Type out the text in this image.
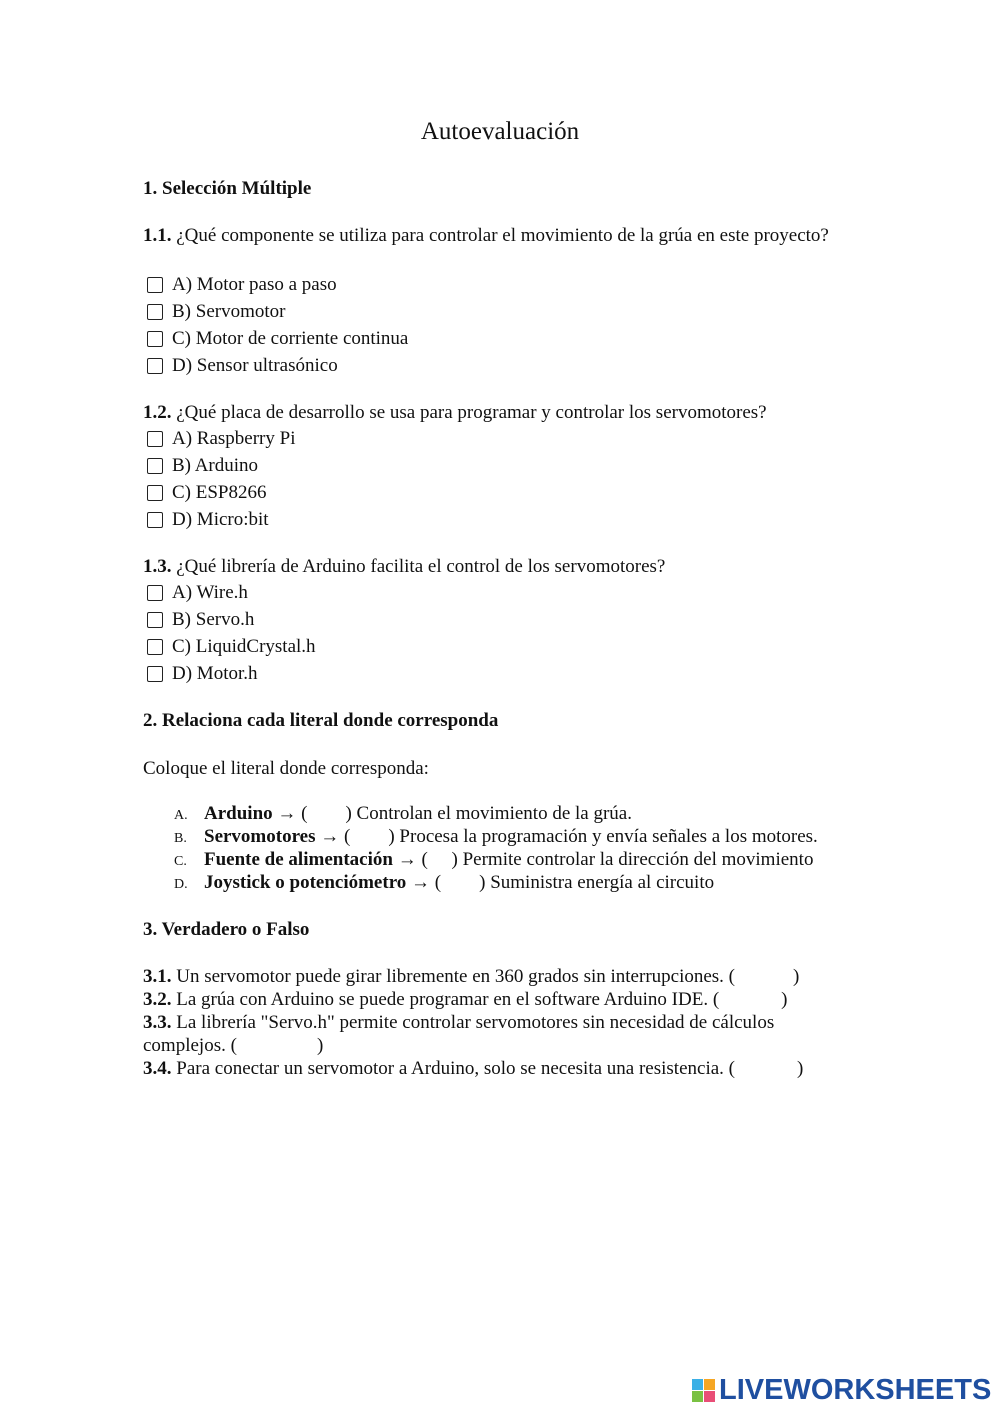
Autoevaluación
1. Selección Múltiple
1.1. ¿Qué componente se utiliza para controlar el movimiento de la grúa en este proyecto?
A) Motor paso a paso
B) Servomotor
C) Motor de corriente continua
D) Sensor ultrasónico
1.2. ¿Qué placa de desarrollo se usa para programar y controlar los servomotores?
A) Raspberry Pi
B) Arduino
C) ESP8266
D) Micro:bit
1.3. ¿Qué librería de Arduino facilita el control de los servomotores?
A) Wire.h
B) Servo.h
C) LiquidCrystal.h
D) Motor.h
2. Relaciona cada literal donde corresponda
Coloque el literal donde corresponda:
A. Arduino → ( ) Controlan el movimiento de la grúa.
B. Servomotores → ( ) Procesa la programación y envía señales a los motores.
C. Fuente de alimentación → ( ) Permite controlar la dirección del movimiento
D. Joystick o potenciómetro → ( ) Suministra energía al circuito
3. Verdadero o Falso
3.1. Un servomotor puede girar libremente en 360 grados sin interrupciones. (	)
3.2. La grúa con Arduino se puede programar en el software Arduino IDE. (	)
3.3. La librería "Servo.h" permite controlar servomotores sin necesidad de cálculos
complejos. (	)
3.4. Para conectar un servomotor a Arduino, solo se necesita una resistencia. (	)
LIVEWORKSHEETS
